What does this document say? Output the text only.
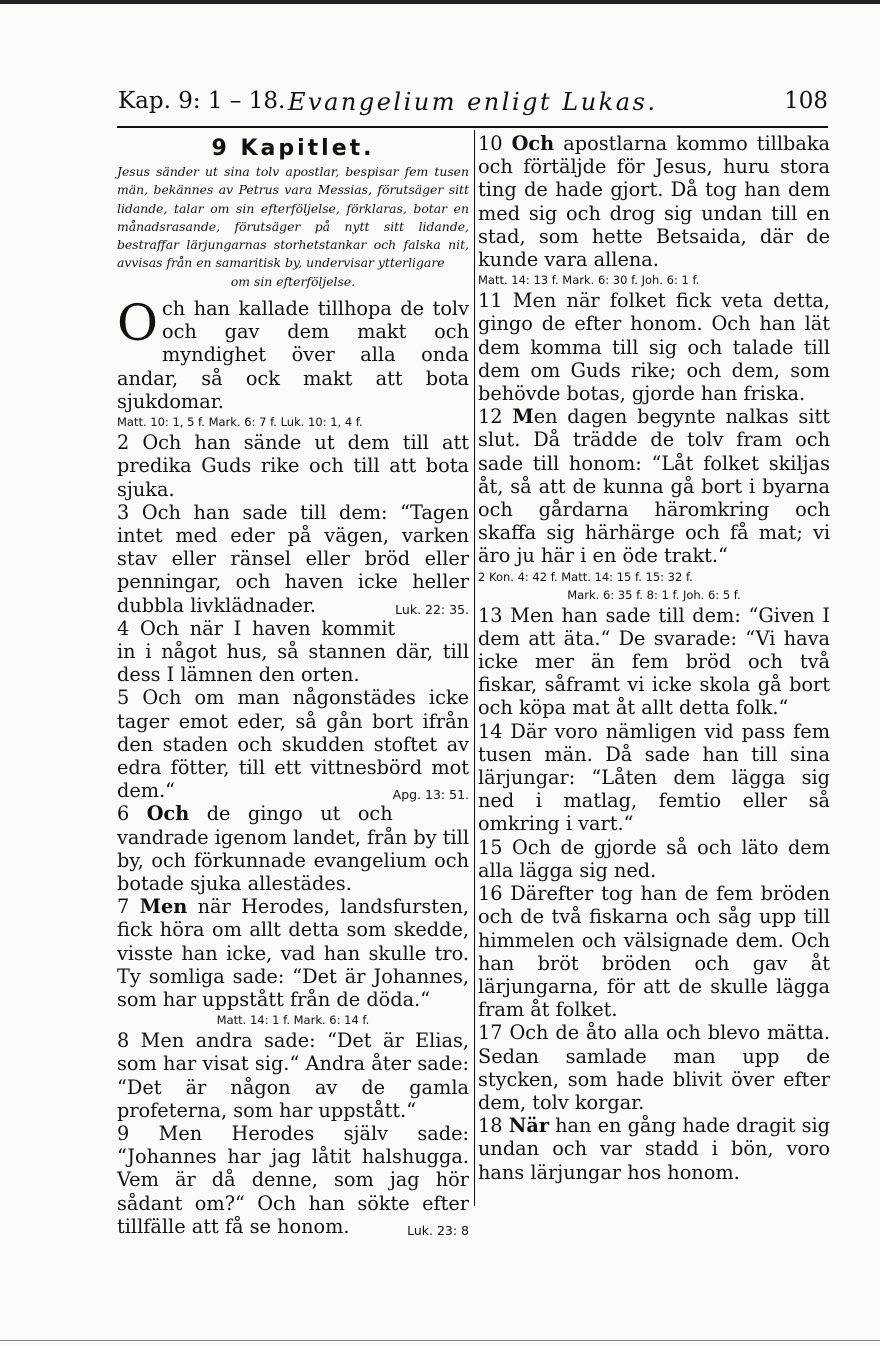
Kap. 9: 1 – 18. Evangelium enligt Lukas.	108
9 Kapitlet.
Jesus sänder ut sina tolv apostlar, bespisar fem tusen män, bekännes av Petrus vara Messias, förutsäger sitt lidande, talar om sin efterföljelse, förklaras, botar en månadsrasande, förutsäger på nytt sitt lidande, bestraffar lärjungarnas storhetstankar och falska nit, avvisas från en samaritisk by, undervisar ytterligare
om sin efterföljelse.

Och han kallade tillhopa de tolv och gav dem makt och myndighet över alla onda andar, så ock makt att bota sjukdomar.

Matt. 10: 1, 5 f. Mark. 6: 7 f. Luk. 10: 1, 4 f.

2 Och han sände ut dem till att predika Guds rike och till att bota sjuka.

3 Och han sade till dem: “Tagen intet med eder på vägen, varken stav eller ränsel eller bröd eller penningar, och haven icke heller dubbla livklädnader.	Luk. 22: 35.

4 Och när I haven kommit in i något hus, så stannen där, till dess I lämnen den orten.

5 Och om man någonstädes icke tager emot eder, så gån bort ifrån den staden och skudden stoftet av edra fötter, till ett vittnesbörd mot dem.“	Apg. 13: 51.

6 Och de gingo ut och vandrade igenom landet, från by till by, och förkunnade evangelium och botade sjuka allestädes.

7 Men när Herodes, landsfursten, fick höra om allt detta som skedde, visste han icke, vad han skulle tro. Ty somliga sade: “Det är Johannes, som har uppstått från de döda.“

Matt. 14: 1 f. Mark. 6: 14 f.

8 Men andra sade: “Det är Elias, som har visat sig.“ Andra åter sade: “Det är någon av de gamla profeterna, som har uppstått.“

9 Men Herodes själv sade: “Johannes har jag låtit halshugga. Vem är då denne, som jag hör sådant om?“ Och han sökte efter tillfälle att få se honom.	Luk. 23: 8

10 Och apostlarna kommo tillbaka och förtäljde för Jesus, huru stora ting de hade gjort. Då tog han dem med sig och drog sig undan till en stad, som hette Betsaida, där de kunde vara allena.

Matt. 14: 13 f. Mark. 6: 30 f. Joh. 6: 1 f.

11 Men när folket fick veta detta, gingo de efter honom. Och han lät dem komma till sig och talade till dem om Guds rike; och dem, som behövde botas, gjorde han friska.

12 Men dagen begynte nalkas sitt slut. Då trädde de tolv fram och sade till honom: “Låt folket skiljas åt, så att de kunna gå bort i byarna och gårdarna häromkring och skaffa sig härhärge och få mat; vi äro ju här i en öde trakt.“

2 Kon. 4: 42 f. Matt. 14: 15 f. 15: 32 f.

Mark. 6: 35 f. 8: 1 f. Joh. 6: 5 f.

13 Men han sade till dem: “Given I dem att äta.“ De svarade: “Vi hava icke mer än fem bröd och två fiskar, såframt vi icke skola gå bort och köpa mat åt allt detta folk.“

14 Där voro nämligen vid pass fem tusen män. Då sade han till sina lärjungar: “Låten dem lägga sig ned i matlag, femtio eller så omkring i vart.“

15 Och de gjorde så och läto dem alla lägga sig ned.

16 Därefter tog han de fem bröden och de två fiskarna och såg upp till himmelen och välsignade dem. Och han bröt bröden och gav åt lärjungarna, för att de skulle lägga fram åt folket.

17 Och de åto alla och blevo mätta. Sedan samlade man upp de stycken, som hade blivit över efter dem, tolv korgar.

18 När han en gång hade dragit sig undan och var stadd i bön, voro hans lärjungar hos honom.
